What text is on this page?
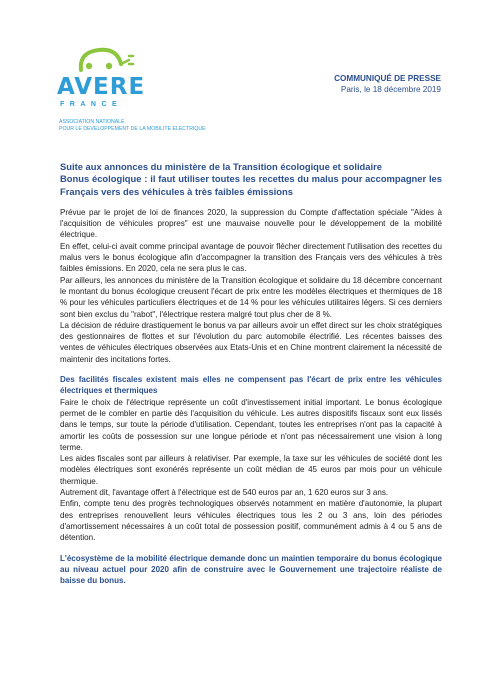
AVERE
FRANCE
ASSOCIATION NATIONALE
POUR LE DEVELOPPEMENT DE LA MOBILITE ELECTRIQUE
COMMUNIQUÉ DE PRESSE
Paris, le 18 décembre 2019
Suite aux annonces du ministère de la Transition écologique et solidaire
Bonus écologique : il faut utiliser toutes les recettes du malus pour accompagner les Français vers des véhicules à très faibles émissions

Prévue par le projet de loi de finances 2020, la suppression du Compte d'affectation spéciale "Aides à l'acquisition de véhicules propres" est une mauvaise nouvelle pour le développement de la mobilité électrique.

En effet, celui-ci avait comme principal avantage de pouvoir flécher directement l'utilisation des recettes du malus vers le bonus écologique afin d'accompagner la transition des Français vers des véhicules à très faibles émissions. En 2020, cela ne sera plus le cas.

Par ailleurs, les annonces du ministère de la Transition écologique et solidaire du 18 décembre concernant le montant du bonus écologique creusent l'écart de prix entre les modèles électriques et thermiques de 18 % pour les véhicules particuliers électriques et de 14 % pour les véhicules utilitaires légers. Si ces derniers sont bien exclus du "rabot", l'électrique restera malgré tout plus cher de 8 %.

La décision de réduire drastiquement le bonus va par ailleurs avoir un effet direct sur les choix stratégiques des gestionnaires de flottes et sur l'évolution du parc automobile électrifié. Les récentes baisses des ventes de véhicules électriques observées aux Etats-Unis et en Chine montrent clairement la nécessité de maintenir des incitations fortes.

Des facilités fiscales existent mais elles ne compensent pas l'écart de prix entre les véhicules électriques et thermiques

Faire le choix de l'électrique représente un coût d'investissement initial important. Le bonus écologique permet de le combler en partie dès l'acquisition du véhicule. Les autres dispositifs fiscaux sont eux lissés dans le temps, sur toute la période d'utilisation. Cependant, toutes les entreprises n'ont pas la capacité à amortir les coûts de possession sur une longue période et n'ont pas nécessairement une vision à long terme.

Les aides fiscales sont par ailleurs à relativiser. Par exemple, la taxe sur les véhicules de société dont les modèles électriques sont exonérés représente un coût médian de 45 euros par mois pour un véhicule thermique.

Autrement dit, l'avantage offert à l'électrique est de 540 euros par an, 1 620 euros sur 3 ans.

Enfin, compte tenu des progrès technologiques observés notamment en matière d'autonomie, la plupart des entreprises renouvellent leurs véhicules électriques tous les 2 ou 3 ans, loin des périodes d'amortissement nécessaires à un coût total de possession positif, communément admis à 4 ou 5 ans de détention.

L'écosystème de la mobilité électrique demande donc un maintien temporaire du bonus écologique au niveau actuel pour 2020 afin de construire avec le Gouvernement une trajectoire réaliste de baisse du bonus.
